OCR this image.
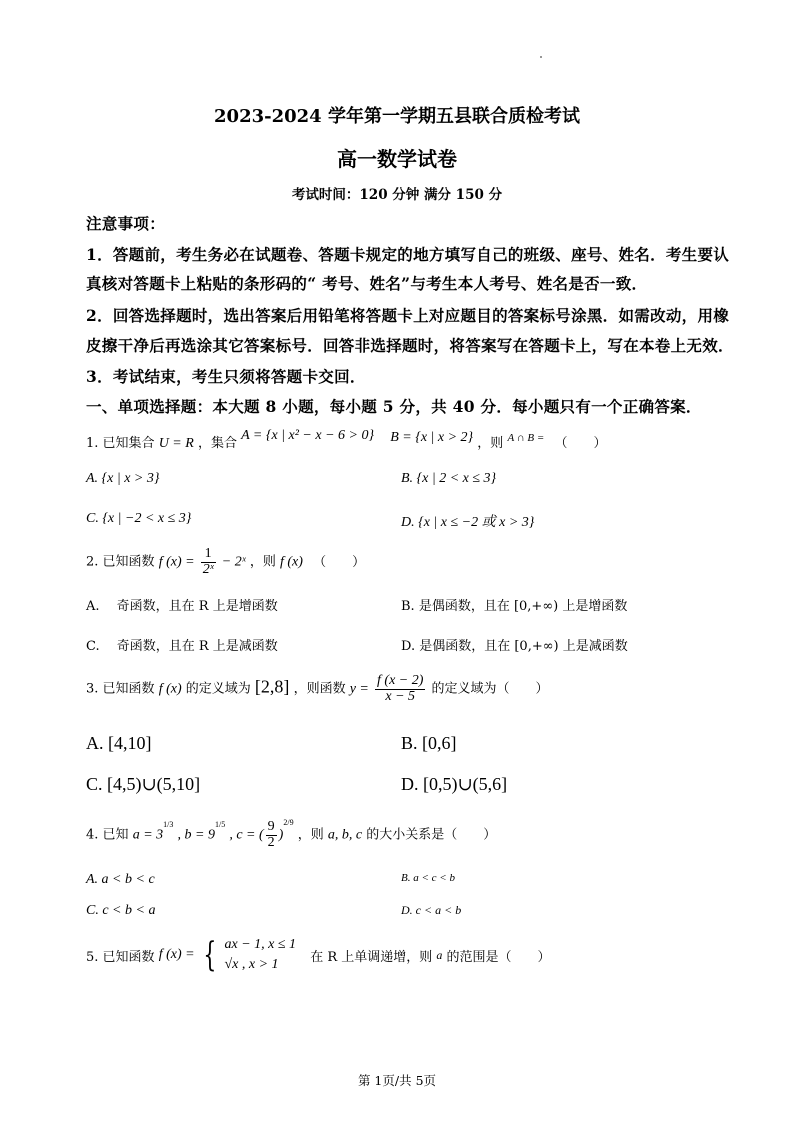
2023-2024 学年第一学期五县联合质检考试
高一数学试卷
考试时间：120 分钟 满分 150 分
注意事项：
1．答题前，考生务必在试题卷、答题卡规定的地方填写自己的班级、座号、姓名．考生要认
真核对答题卡上粘贴的条形码的“ 考号、姓名”与考生本人考号、姓名是否一致．
2．回答选择题时，选出答案后用铅笔将答题卡上对应题目的答案标号涂黑．如需改动，用橡
皮擦干净后再选涂其它答案标号．回答非选择题时，将答案写在答题卡上，写在本卷上无效．
3．考试结束，考生只须将答题卡交回．
一、单项选择题：本大题 8 小题，每小题 5 分，共 40 分．每小题只有一个正确答案．
1. 已知集合 U = R ，集合 A = {x | x² − x − 6 > 0} B = {x | x > 2} ，则 $^{A \cap B =}$ （　　）
A. {x | x > 3}	B. {x | 2 < x ≤ 3}
C. {x | −2 < x ≤ 3}	D. {x | x ≤ −2 或 x > 3}
2. 已知函数 f $(x) = \frac{1}{\text{2ˣ}}$ − 2ˣ ，则 f (x) （　　）
A.　 奇函数，且在 R 上是增函数	B. 是偶函数，且在 [0,+∞) 上是增函数
C.　 奇函数，且在 R 上是减函数	D. 是偶函数，且在 [0,+∞) 上是减函数
3. 已知函数 f (x) 的定义域为 [2,8] ，则函数 $y = \frac{f (x - 2)}{x - 5}$ 的定义域为（　　）
A. [4,10]	B. [0,6]
C. [4,5)∪(5,10]	D. [0,5)∪(5,6]
4. 已知 $a = 3^{1/3}$ , $b = 9^{1/5}$ , c = ( $\frac{9}{2} )^{2/9}$ ，则 a, b, c 的大小关系是（　　）
A. a < b < c	B. a < c < b
C. c < b < a	D. c < a < b
5. 已知函数 f (x) = { ax − 1, x ≤ 1
√x , x > 1	在 R 上单调递增，则 a 的范围是（　　）
第 1页/共 5页
